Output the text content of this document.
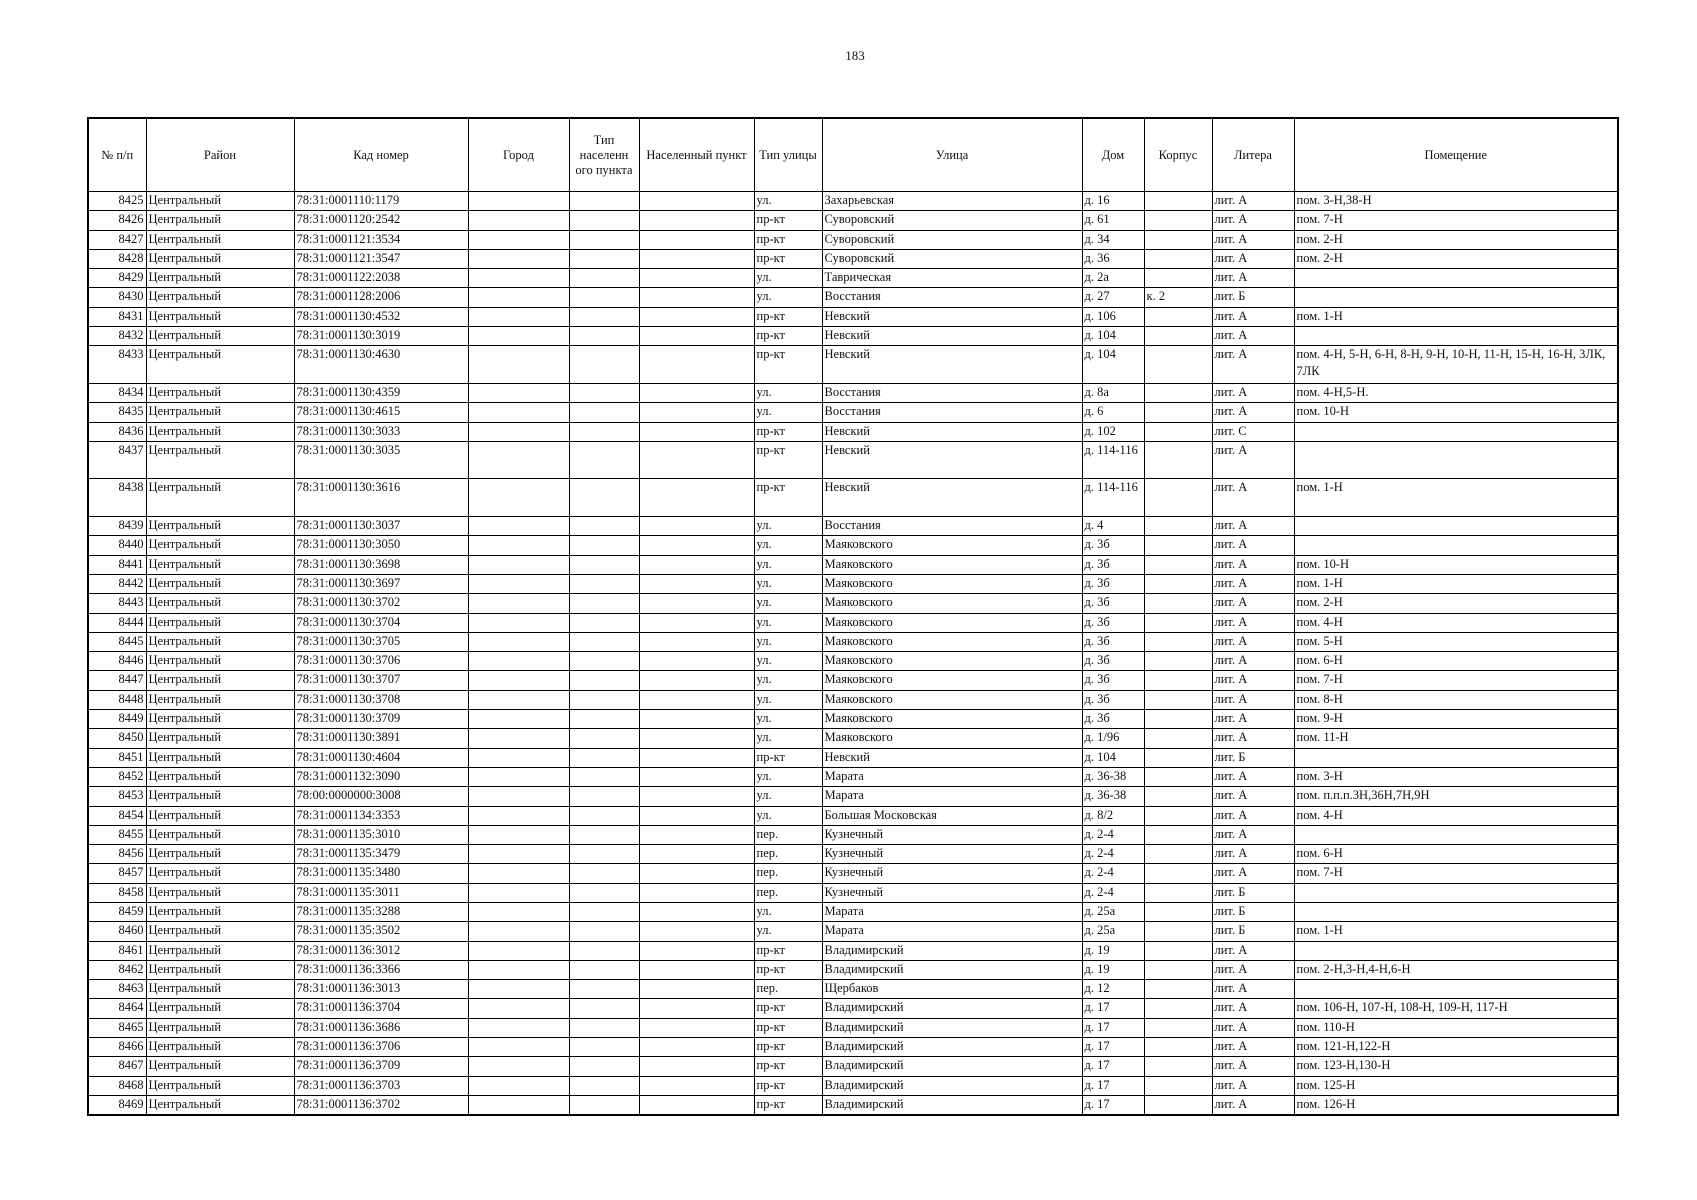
183
№ п/п	Район	Кад номер	Город	Тип населенн ого пункта	Населенный пункт	Тип улицы	Улица	Дом	Корпус	Литера	Помещение
8425	Центральный	78:31:0001110:1179				ул.	Захарьевская	д. 16		лит. А	пом. 3-Н,38-Н
8426	Центральный	78:31:0001120:2542				пр-кт	Суворовский	д. 61		лит. А	пом. 7-Н
8427	Центральный	78:31:0001121:3534				пр-кт	Суворовский	д. 34		лит. А	пом. 2-Н
8428	Центральный	78:31:0001121:3547				пр-кт	Суворовский	д. 36		лит. А	пом. 2-Н
8429	Центральный	78:31:0001122:2038				ул.	Таврическая	д. 2а		лит. А	
8430	Центральный	78:31:0001128:2006				ул.	Восстания	д. 27	к. 2	лит. Б	
8431	Центральный	78:31:0001130:4532				пр-кт	Невский	д. 106		лит. А	пом. 1-Н
8432	Центральный	78:31:0001130:3019				пр-кт	Невский	д. 104		лит. А	
8433	Центральный	78:31:0001130:4630				пр-кт	Невский	д. 104		лит. А	пом. 4-Н, 5-Н, 6-Н, 8-Н, 9-Н, 10-Н, 11-Н, 15-Н, 16-Н, 3ЛК, 7ЛК
8434	Центральный	78:31:0001130:4359				ул.	Восстания	д. 8а		лит. А	пом. 4-Н,5-Н.
8435	Центральный	78:31:0001130:4615				ул.	Восстания	д. 6		лит. А	пом. 10-Н
8436	Центральный	78:31:0001130:3033				пр-кт	Невский	д. 102		лит. С	
8437	Центральный	78:31:0001130:3035				пр-кт	Невский	д. 114-116		лит. А	
8438	Центральный	78:31:0001130:3616				пр-кт	Невский	д. 114-116		лит. А	пом. 1-Н
8439	Центральный	78:31:0001130:3037				ул.	Восстания	д. 4		лит. А	
8440	Центральный	78:31:0001130:3050				ул.	Маяковского	д. 3б		лит. А	
8441	Центральный	78:31:0001130:3698				ул.	Маяковского	д. 3б		лит. А	пом. 10-Н
8442	Центральный	78:31:0001130:3697				ул.	Маяковского	д. 3б		лит. А	пом. 1-Н
8443	Центральный	78:31:0001130:3702				ул.	Маяковского	д. 3б		лит. А	пом. 2-Н
8444	Центральный	78:31:0001130:3704				ул.	Маяковского	д. 3б		лит. А	пом. 4-Н
8445	Центральный	78:31:0001130:3705				ул.	Маяковского	д. 3б		лит. А	пом. 5-Н
8446	Центральный	78:31:0001130:3706				ул.	Маяковского	д. 3б		лит. А	пом. 6-Н
8447	Центральный	78:31:0001130:3707				ул.	Маяковского	д. 3б		лит. А	пом. 7-Н
8448	Центральный	78:31:0001130:3708				ул.	Маяковского	д. 3б		лит. А	пом. 8-Н
8449	Центральный	78:31:0001130:3709				ул.	Маяковского	д. 3б		лит. А	пом. 9-Н
8450	Центральный	78:31:0001130:3891				ул.	Маяковского	д. 1/96		лит. А	пом. 11-Н
8451	Центральный	78:31:0001130:4604				пр-кт	Невский	д. 104		лит. Б	
8452	Центральный	78:31:0001132:3090				ул.	Марата	д. 36-38		лит. А	пом. 3-Н
8453	Центральный	78:00:0000000:3008				ул.	Марата	д. 36-38		лит. А	пом. п.п.п.3Н,36Н,7Н,9Н
8454	Центральный	78:31:0001134:3353				ул.	Большая Московская	д. 8/2		лит. А	пом. 4-Н
8455	Центральный	78:31:0001135:3010				пер.	Кузнечный	д. 2-4		лит. А	
8456	Центральный	78:31:0001135:3479				пер.	Кузнечный	д. 2-4		лит. А	пом. 6-Н
8457	Центральный	78:31:0001135:3480				пер.	Кузнечный	д. 2-4		лит. А	пом. 7-Н
8458	Центральный	78:31:0001135:3011				пер.	Кузнечный	д. 2-4		лит. Б	
8459	Центральный	78:31:0001135:3288				ул.	Марата	д. 25а		лит. Б	
8460	Центральный	78:31:0001135:3502				ул.	Марата	д. 25а		лит. Б	пом. 1-Н
8461	Центральный	78:31:0001136:3012				пр-кт	Владимирский	д. 19		лит. А	
8462	Центральный	78:31:0001136:3366				пр-кт	Владимирский	д. 19		лит. А	пом. 2-Н,3-Н,4-Н,6-Н
8463	Центральный	78:31:0001136:3013				пер.	Щербаков	д. 12		лит. А	
8464	Центральный	78:31:0001136:3704				пр-кт	Владимирский	д. 17		лит. А	пом. 106-Н, 107-Н, 108-Н, 109-Н, 117-Н
8465	Центральный	78:31:0001136:3686				пр-кт	Владимирский	д. 17		лит. А	пом. 110-Н
8466	Центральный	78:31:0001136:3706				пр-кт	Владимирский	д. 17		лит. А	пом. 121-Н,122-Н
8467	Центральный	78:31:0001136:3709				пр-кт	Владимирский	д. 17		лит. А	пом. 123-Н,130-Н
8468	Центральный	78:31:0001136:3703				пр-кт	Владимирский	д. 17		лит. А	пом. 125-Н
8469	Центральный	78:31:0001136:3702				пр-кт	Владимирский	д. 17		лит. А	пом. 126-Н
